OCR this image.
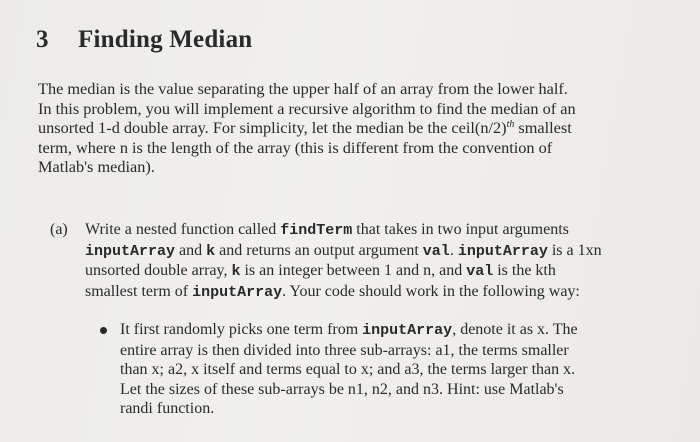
3 Finding Median
The median is the value separating the upper half of an array from the lower half.
In this problem, you will implement a recursive algorithm to find the median of an
unsorted 1-d double array. For simplicity, let the median be the $ceil(n/2)^{th}$ smallest
term, where n is the length of the array (this is different from the convention of
Matlab's median).
(a) Write a nested function called findTerm that takes in two input arguments
inputArray and k and returns an output argument val. inputArray is a 1xn
unsorted double array, k is an integer between 1 and n, and val is the kth
smallest term of inputArray. Your code should work in the following way:
It first randomly picks one term from inputArray, denote it as x. The
entire array is then divided into three sub-arrays: a1, the terms smaller
than x; a2, x itself and terms equal to x; and a3, the terms larger than x.
Let the sizes of these sub-arrays be n1, n2, and n3. Hint: use Matlab's
randi function.
